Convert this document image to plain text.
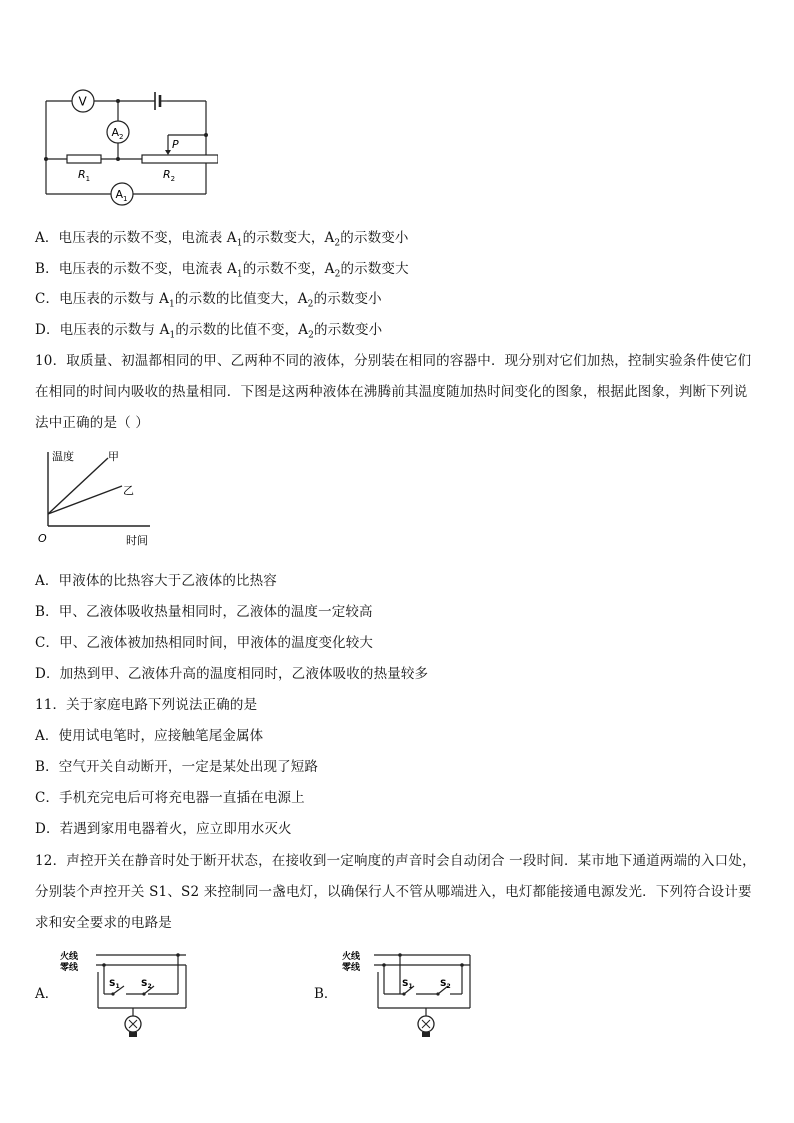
V
$A_2$
$A_1$
P
$R_1$	$R_2$
A．电压表的示数不变，电流表 $A_1$的示数变大，$A_2$的示数变小
B．电压表的示数不变，电流表 $A_1$的示数不变，$A_2$的示数变大
C．电压表的示数与 $A_1$的示数的比值变大，$A_2$的示数变小
D．电压表的示数与 $A_1$的示数的比值不变，$A_2$的示数变小
10．取质量、初温都相同的甲、乙两种不同的液体，分别装在相同的容器中．现分别对它们加热，控制实验条件使它们在相同的时间内吸收的热量相同．下图是这两种液体在沸腾前其温度随加热时间变化的图象，根据此图象，判断下列说法中正确的是（ ）
温度	甲
乙
O	时间
A．甲液体的比热容大于乙液体的比热容
B．甲、乙液体吸收热量相同时，乙液体的温度一定较高
C．甲、乙液体被加热相同时间，甲液体的温度变化较大
D．加热到甲、乙液体升高的温度相同时，乙液体吸收的热量较多
11．关于家庭电路下列说法正确的是
A．使用试电笔时，应接触笔尾金属体
B．空气开关自动断开，一定是某处出现了短路
C．手机充完电后可将充电器一直插在电源上
D．若遇到家用电器着火，应立即用水灭火
12．声控开关在静音时处于断开状态，在接收到一定响度的声音时会自动闭合 一段时间．某市地下通道两端的入口处，分别装个声控开关 S1、S2 来控制同一盏电灯，以确保行人不管从哪端进入，电灯都能接通电源发光．下列符合设计要求和安全要求的电路是
A．
火线
零线
$S_1$ $S_2$	B．
火线
零线
$S_1$	$S_2$
